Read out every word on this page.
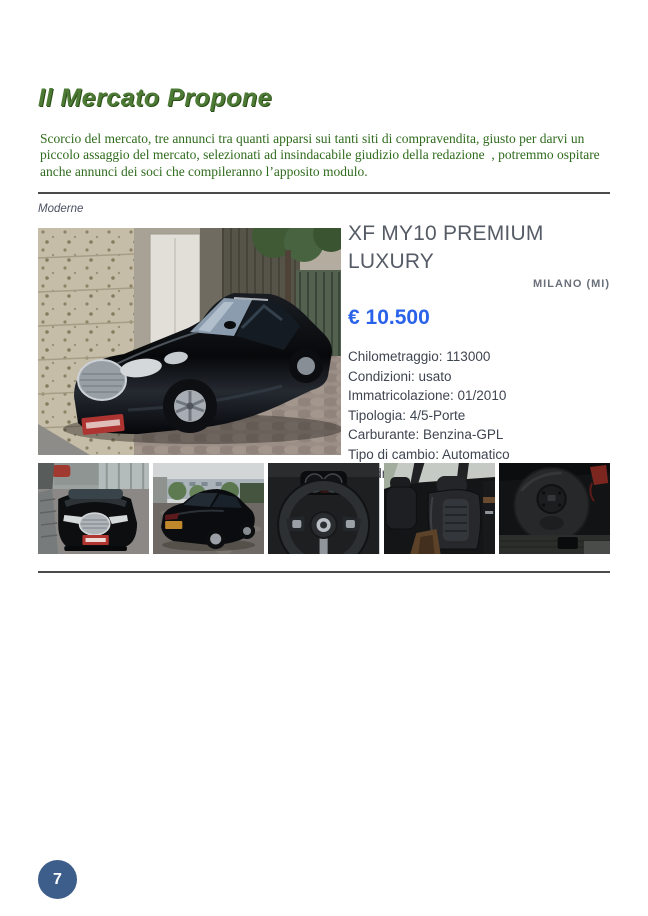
Il Mercato Propone
Scorcio del mercato, tre annunci tra quanti apparsi sui tanti siti di compravendita, giusto per darvi un piccolo assaggio del mercato, selezionati ad insindacabile giudizio della redazione  , potremmo ospitare anche annunci dei soci che compileranno l’apposito modulo.
Moderne
XF MY10 PREMIUM LUXURY
MILANO (MI)
€ 10.500
Chilometraggio: 113000
Condizioni: usato
Immatricolazione: 01/2010
Tipologia: 4/5-Porte
Carburante: Benzina-GPL
Tipo di cambio: Automatico
7
